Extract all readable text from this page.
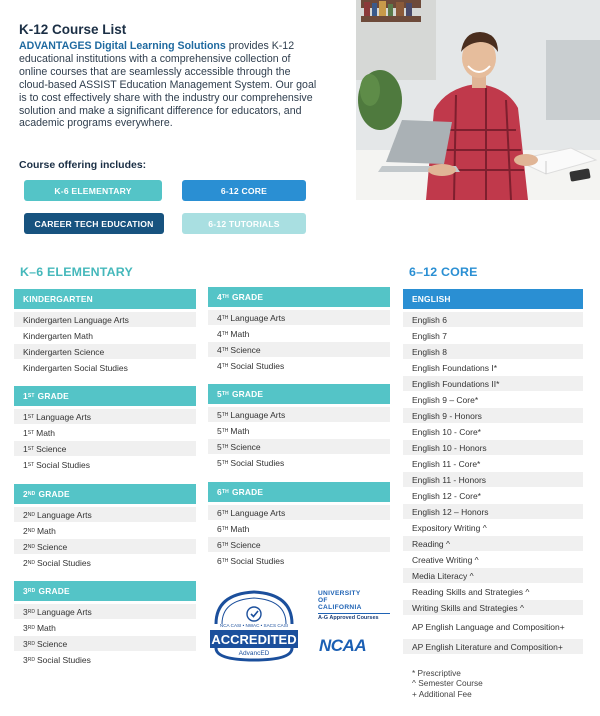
K-12 Course List
ADVANTAGES Digital Learning Solutions provides K-12 educational institutions with a comprehensive collection of online courses that are seamlessly accessible through the cloud-based ASSIST Education Management System. Our goal is to cost effectively share with the industry our comprehensive solution and make a significant difference for educators, and academic programs everywhere.
Course offering includes:
K-6 ELEMENTARY	6-12 CORE
CAREER TECH EDUCATION	6-12 TUTORIALS
K–6 ELEMENTARY	6–12 CORE
KINDERGARTEN
Kindergarten Language Arts
Kindergarten Math
Kindergarten Science
Kindergarten Social Studies
1 ST GRADE
1 ST Language Arts
1 ST Math
1 ST Science
1 ST Social Studies
2 ND GRADE
2 ND Language Arts
2 ND Math
2 ND Science
2 ND Social Studies
3 RD GRADE
3 RD Language Arts
3 RD Math
3 RD Science
3 RD Social Studies
4 TH GRADE
4 TH Language Arts
4 TH Math
4 TH Science
4 TH Social Studies
5 TH GRADE
5 TH Language Arts
5 TH Math
5 TH Science
5 TH Social Studies
6 TH GRADE
6 TH Language Arts
6 TH Math
6 TH Science
6 TH Social Studies
ENGLISH
English 6
English 7
English 8
English Foundations I*
English Foundations II*
English 9 – Core*
English 9 - Honors
English 10 - Core*
English 10 - Honors
English 11 - Core*
English 11 - Honors
English 12 - Core*
English 12 – Honors
Expository Writing ^
Reading ^
Creative Writing ^
Media Literacy ^
Reading Skills and Strategies ^
Writing Skills and Strategies ^
AP English Language and Composition+
AP English Literature and Composition+
NCA CASI • NWAC • SACS CASI
ACCREDITED
AdvancED
UNIVERSITY
OF
CALIFORNIA
A-G Approved Courses
NCAA
* Prescriptive
^ Semester Course
+ Additional Fee
